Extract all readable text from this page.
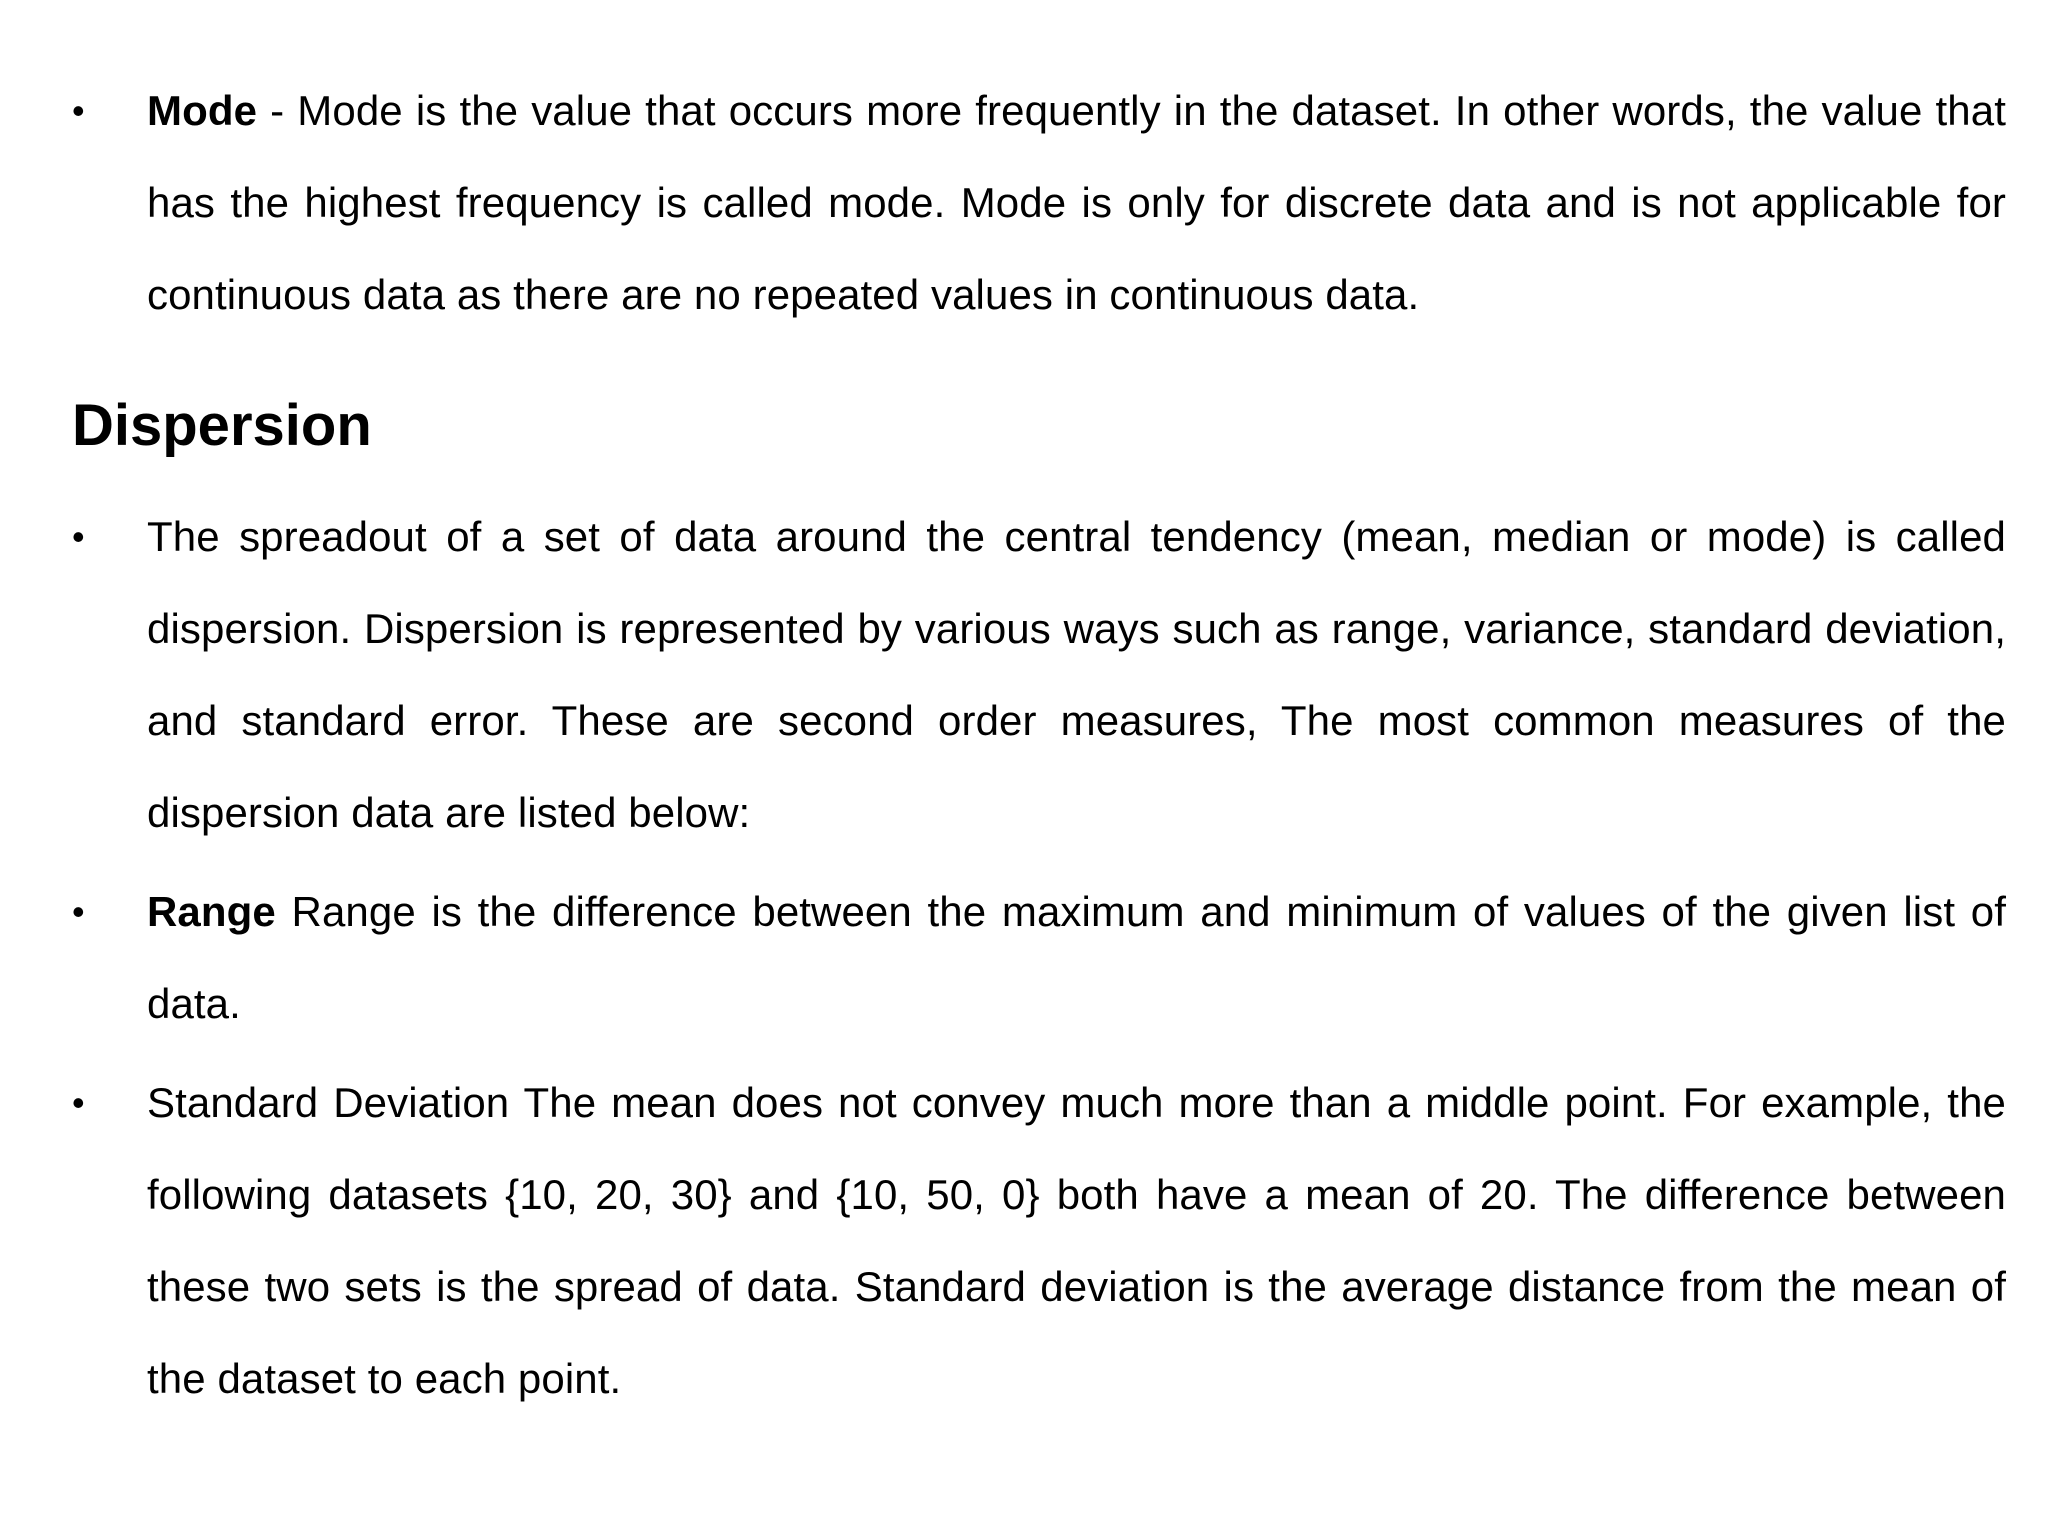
•	Mode - Mode is the value that occurs more frequently in the dataset. In other words, the value that has the highest frequency is called mode. Mode is only for discrete data and is not applicable for continuous data as there are no repeated values in continuous data.

Dispersion
•	The spreadout of a set of data around the central tendency (mean, median or mode) is called dispersion. Dispersion is represented by various ways such as range, variance, standard deviation, and standard error. These are second order measures, The most common measures of the dispersion data are listed below:

•	Range Range is the difference between the maximum and minimum of values of the given list of data.

•	Standard Deviation The mean does not convey much more than a middle point. For example, the following datasets {10, 20, 30} and {10, 50, 0} both have a mean of 20. The difference between these two sets is the spread of data. Standard deviation is the average distance from the mean of the dataset to each point.
